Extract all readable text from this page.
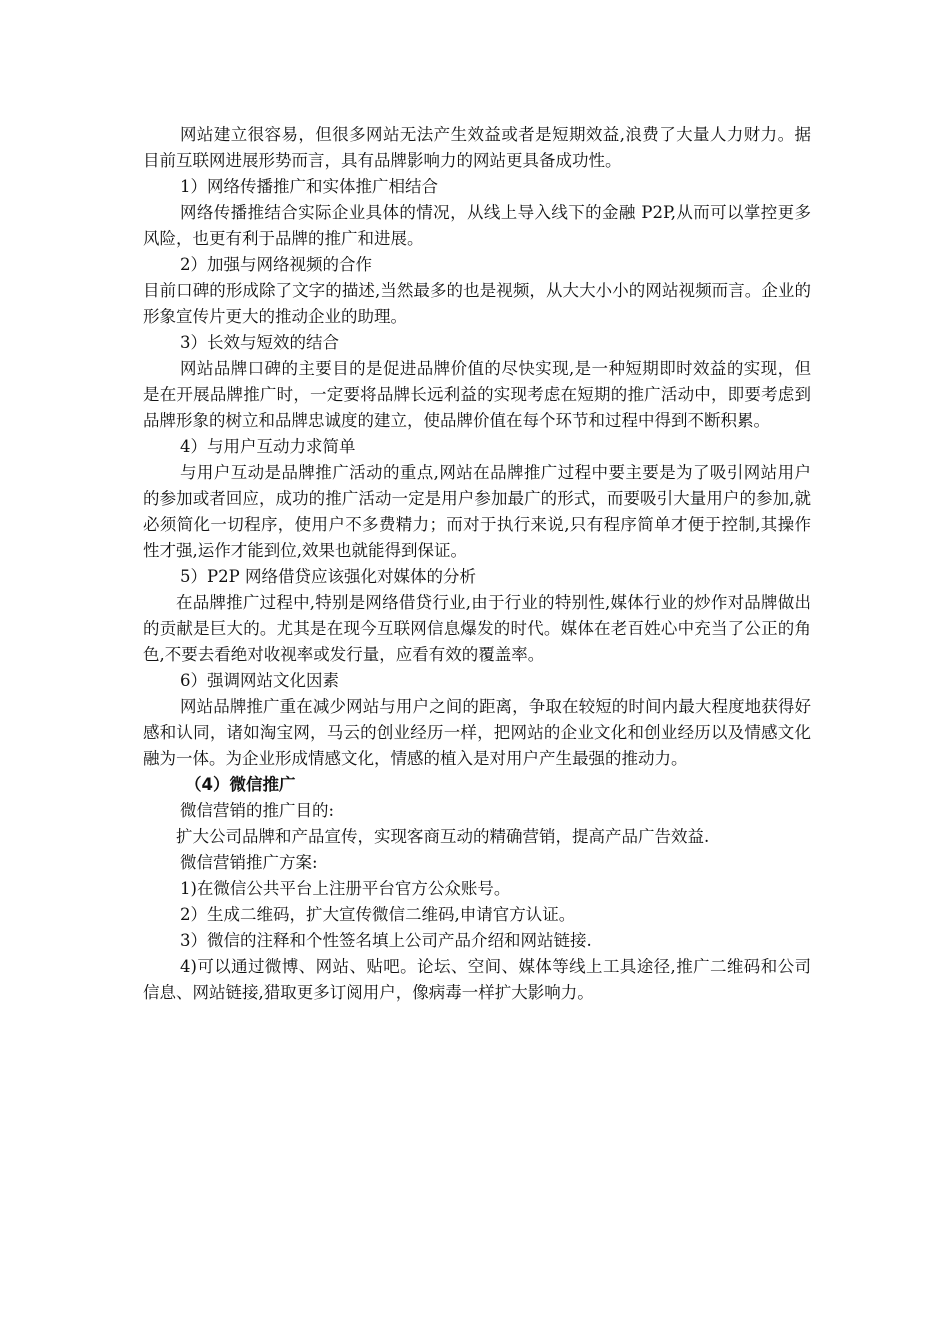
网站建立很容易，但很多网站无法产生效益或者是短期效益,浪费了大量人力财力。据目前互联网进展形势而言，具有品牌影响力的网站更具备成功性。

1）网络传播推广和实体推广相结合

网络传播推结合实际企业具体的情况，从线上导入线下的金融 P2P,从而可以掌控更多风险，也更有利于品牌的推广和进展。

2）加强与网络视频的合作

目前口碑的形成除了文字的描述,当然最多的也是视频，从大大小小的网站视频而言。企业的形象宣传片更大的推动企业的助理。

3）长效与短效的结合

网站品牌口碑的主要目的是促进品牌价值的尽快实现,是一种短期即时效益的实现，但是在开展品牌推广时，一定要将品牌长远利益的实现考虑在短期的推广活动中，即要考虑到品牌形象的树立和品牌忠诚度的建立，使品牌价值在每个环节和过程中得到不断积累。

4）与用户互动力求简单

与用户互动是品牌推广活动的重点,网站在品牌推广过程中要主要是为了吸引网站用户的参加或者回应，成功的推广活动一定是用户参加最广的形式，而要吸引大量用户的参加,就必须简化一切程序，使用户不多费精力；而对于执行来说,只有程序简单才便于控制,其操作性才强,运作才能到位,效果也就能得到保证。

5）P2P 网络借贷应该强化对媒体的分析

在品牌推广过程中,特别是网络借贷行业,由于行业的特别性,媒体行业的炒作对品牌做出的贡献是巨大的。尤其是在现今互联网信息爆发的时代。媒体在老百姓心中充当了公正的角色,不要去看绝对收视率或发行量，应看有效的覆盖率。

6）强调网站文化因素

网站品牌推广重在减少网站与用户之间的距离，争取在较短的时间内最大程度地获得好感和认同，诸如淘宝网，马云的创业经历一样，把网站的企业文化和创业经历以及情感文化融为一体。为企业形成情感文化，情感的植入是对用户产生最强的推动力。

（4）微信推广

微信营销的推广目的:

扩大公司品牌和产品宣传，实现客商互动的精确营销，提高产品广告效益.

微信营销推广方案:

1)在微信公共平台上注册平台官方公众账号。

2）生成二维码，扩大宣传微信二维码,申请官方认证。

3）微信的注释和个性签名填上公司产品介绍和网站链接.

4)可以通过微博、网站、贴吧。论坛、空间、媒体等线上工具途径,推广二维码和公司信息、网站链接,猎取更多订阅用户，像病毒一样扩大影响力。
